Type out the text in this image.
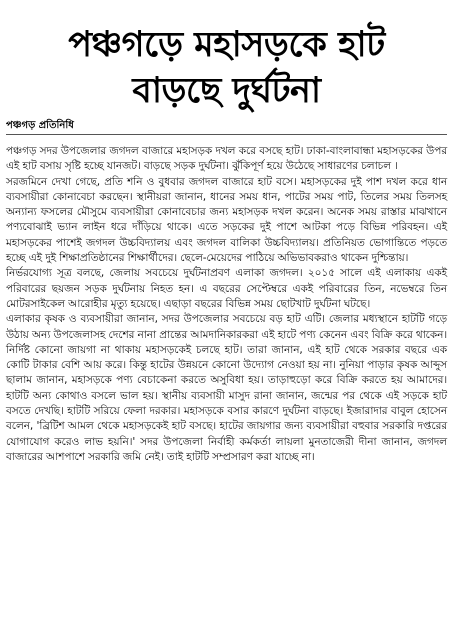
পঞ্চগড়ে মহাসড়কে হাট
বাড়ছে দুর্ঘটনা
পঞ্চগড় প্রতিনিধি

পঞ্চগড় সদর উপজেলার জগদল বাজারে মহাসড়ক দখল করে বসছে হাট। ঢাকা-বাংলাবান্ধা মহাসড়কের উপর এই হাট বসায় সৃষ্টি হচ্ছে যানজট। বাড়ছে সড়ক দুর্ঘটনা। ঝুঁকিপূর্ণ হয়ে উঠেছে সাধারণের চলাচল ।

সরজমিনে দেখা গেছে, প্রতি শনি ও বুধবার জগদল বাজারে হাট বসে। মহাসড়কের দুই পাশ দখল করে ধান ব্যবসায়ীরা কোনাবেচা করছেন। স্থানীয়রা জানান, ধানের সময় ধান, পাটের সময় পাট, তিলের সময় তিলসহ অন্যান্য ফসলের মৌসুমে ব্যবসায়ীরা কোনাবেচার জন্য মহাসড়ক দখল করেন। অনেক সময় রাস্তার মাঝখানে পণ্যবোঝাই ভ্যান লাইন ধরে দাঁড়িয়ে থাকে। এতে সড়কের দুই পাশে আটকা পড়ে বিভিন্ন পরিবহন। এই মহাসড়কের পাশেই জগদল উচ্চবিদ্যালয় এবং জগদল বালিকা উচ্চবিদ্যালয়। প্রতিনিয়ত ভোগান্তিতে পড়তে হচ্ছে এই দুই শিক্ষাপ্রতিষ্ঠানের শিক্ষার্থীদের। ছেলে-মেয়েদের পাঠিয়ে অভিভাবকরাও থাকেন দুশ্চিন্তায়।

নির্ভরযোগ্য সূত্র বলছে, জেলায় সবচেয়ে দুর্ঘটনাপ্রবণ এলাকা জগদল। ২০১৫ সালে এই এলাকায় একই পরিবারের ছয়জন সড়ক দুর্ঘটনায় নিহত হন। এ বছরের সেপ্টেম্বরে একই পরিবারের তিন, নভেম্বরে তিন মোটরসাইকেল আরোহীর মৃত্যু হয়েছে। এছাড়া বছরের বিভিন্ন সময় ছোটখাট দুর্ঘটনা ঘটছে।

এলাকার কৃষক ও ব্যবসায়ীরা জানান, সদর উপজেলার সবচেয়ে বড় হাট এটি। জেলার মধ্যস্থানে হাটটি গড়ে উঠায় অন্য উপজেলাসহ দেশের নানা প্রান্তের আমদানিকারকরা এই হাটে পণ্য কেনেন এবং বিক্রি করে থাকেন। নির্দিষ্ট কোনো জায়গা না থাকায় মহাসড়কেই চলছে হাট। তারা জানান, এই হাট থেকে সরকার বছরে এক কোটি টাকার বেশি আয় করে। কিন্তু হাটের উন্নয়নে কোনো উদ্যোগ নেওয়া হয় না। নুনিয়া পাড়ার কৃষক আব্দুস ছালাম জানান, মহাসড়কে পণ্য বেচাকেনা করতে অসুবিধা হয়। তাড়াহুড়ো করে বিক্রি করতে হয় আমাদের। হাটটি অন্য কোথাও বসলে ভাল হয়। স্থানীয় ব্যবসায়ী মাসুদ রানা জানান, জন্মের পর থেকে এই সড়কে হাট বসতে দেখছি। হাটটি সরিয়ে ফেলা দরকার। মহাসড়কে বসার কারণে দুর্ঘটনা বাড়ছে। ইজারাদার বাবুল হোসেন বলেন, 'ব্রিটিশ আমল থেকে মহাসড়কেই হাট বসছে। হাটের জায়গার জন্য ব্যবসায়ীরা বহুবার সরকারি দপ্তরের যোগাযোগ করেও লাভ হয়নি।' সদর উপজেলা নির্বাহী কর্মকর্তা লায়লা মুনতাজেরী দীনা জানান, জগদল বাজারের আশপাশে সরকারি জমি নেই। তাই হাটটি সম্প্রসারণ করা যাচ্ছে না।
